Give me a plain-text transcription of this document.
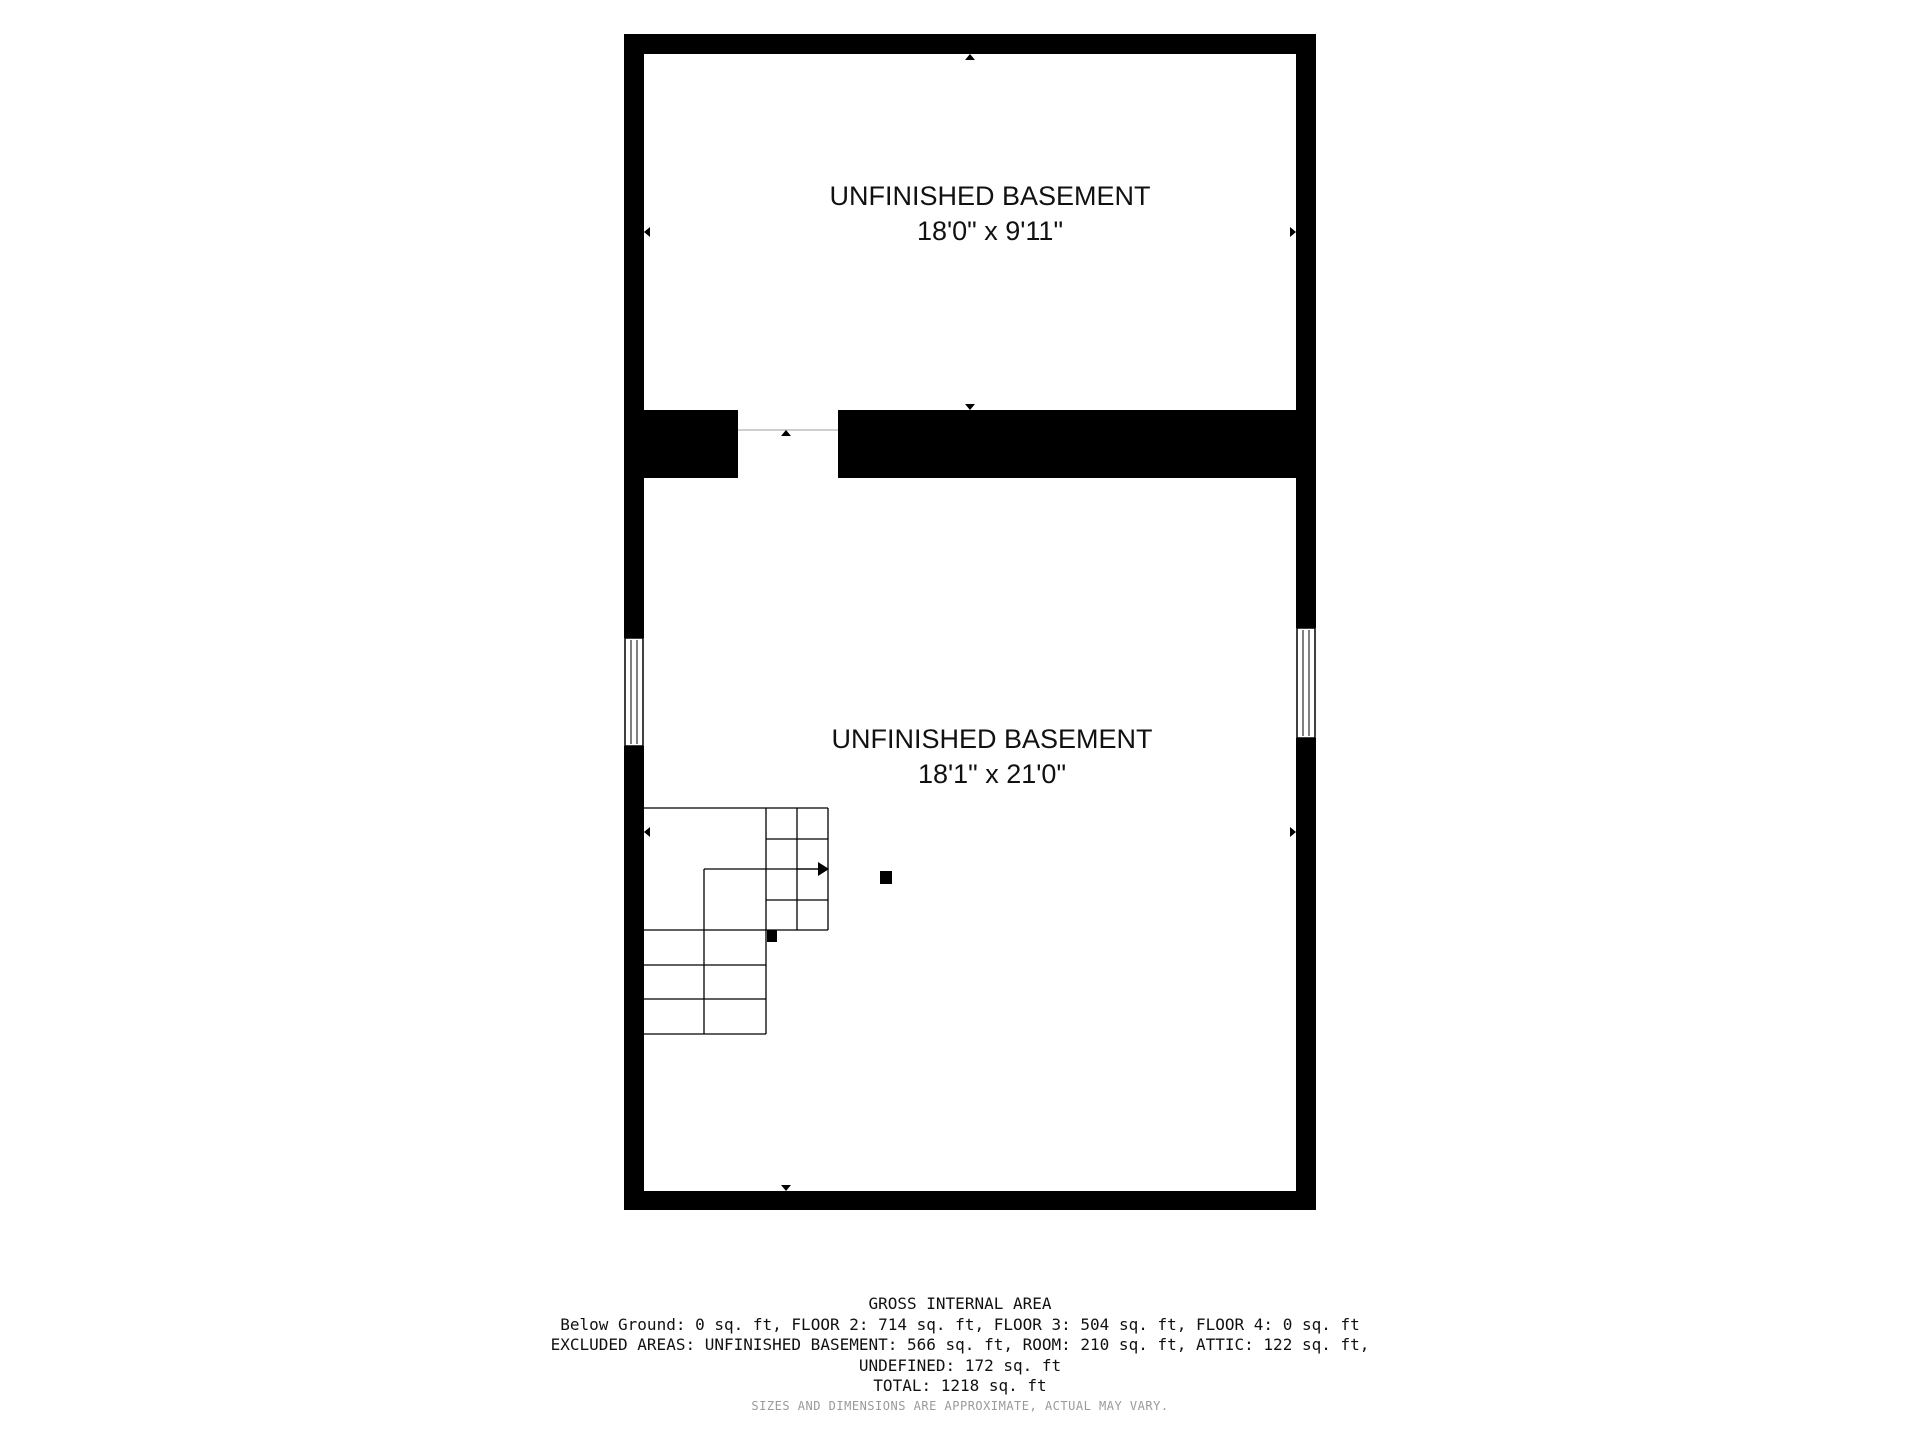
UNFINISHED BASEMENT
18'0" x 9'11"
UNFINISHED BASEMENT
18'1" x 21'0"
GROSS INTERNAL AREA
Below Ground: 0 sq. ft, FLOOR 2: 714 sq. ft, FLOOR 3: 504 sq. ft, FLOOR 4: 0 sq. ft
EXCLUDED AREAS: UNFINISHED BASEMENT: 566 sq. ft, ROOM: 210 sq. ft, ATTIC: 122 sq. ft,
UNDEFINED: 172 sq. ft
TOTAL: 1218 sq. ft
SIZES AND DIMENSIONS ARE APPROXIMATE, ACTUAL MAY VARY.
